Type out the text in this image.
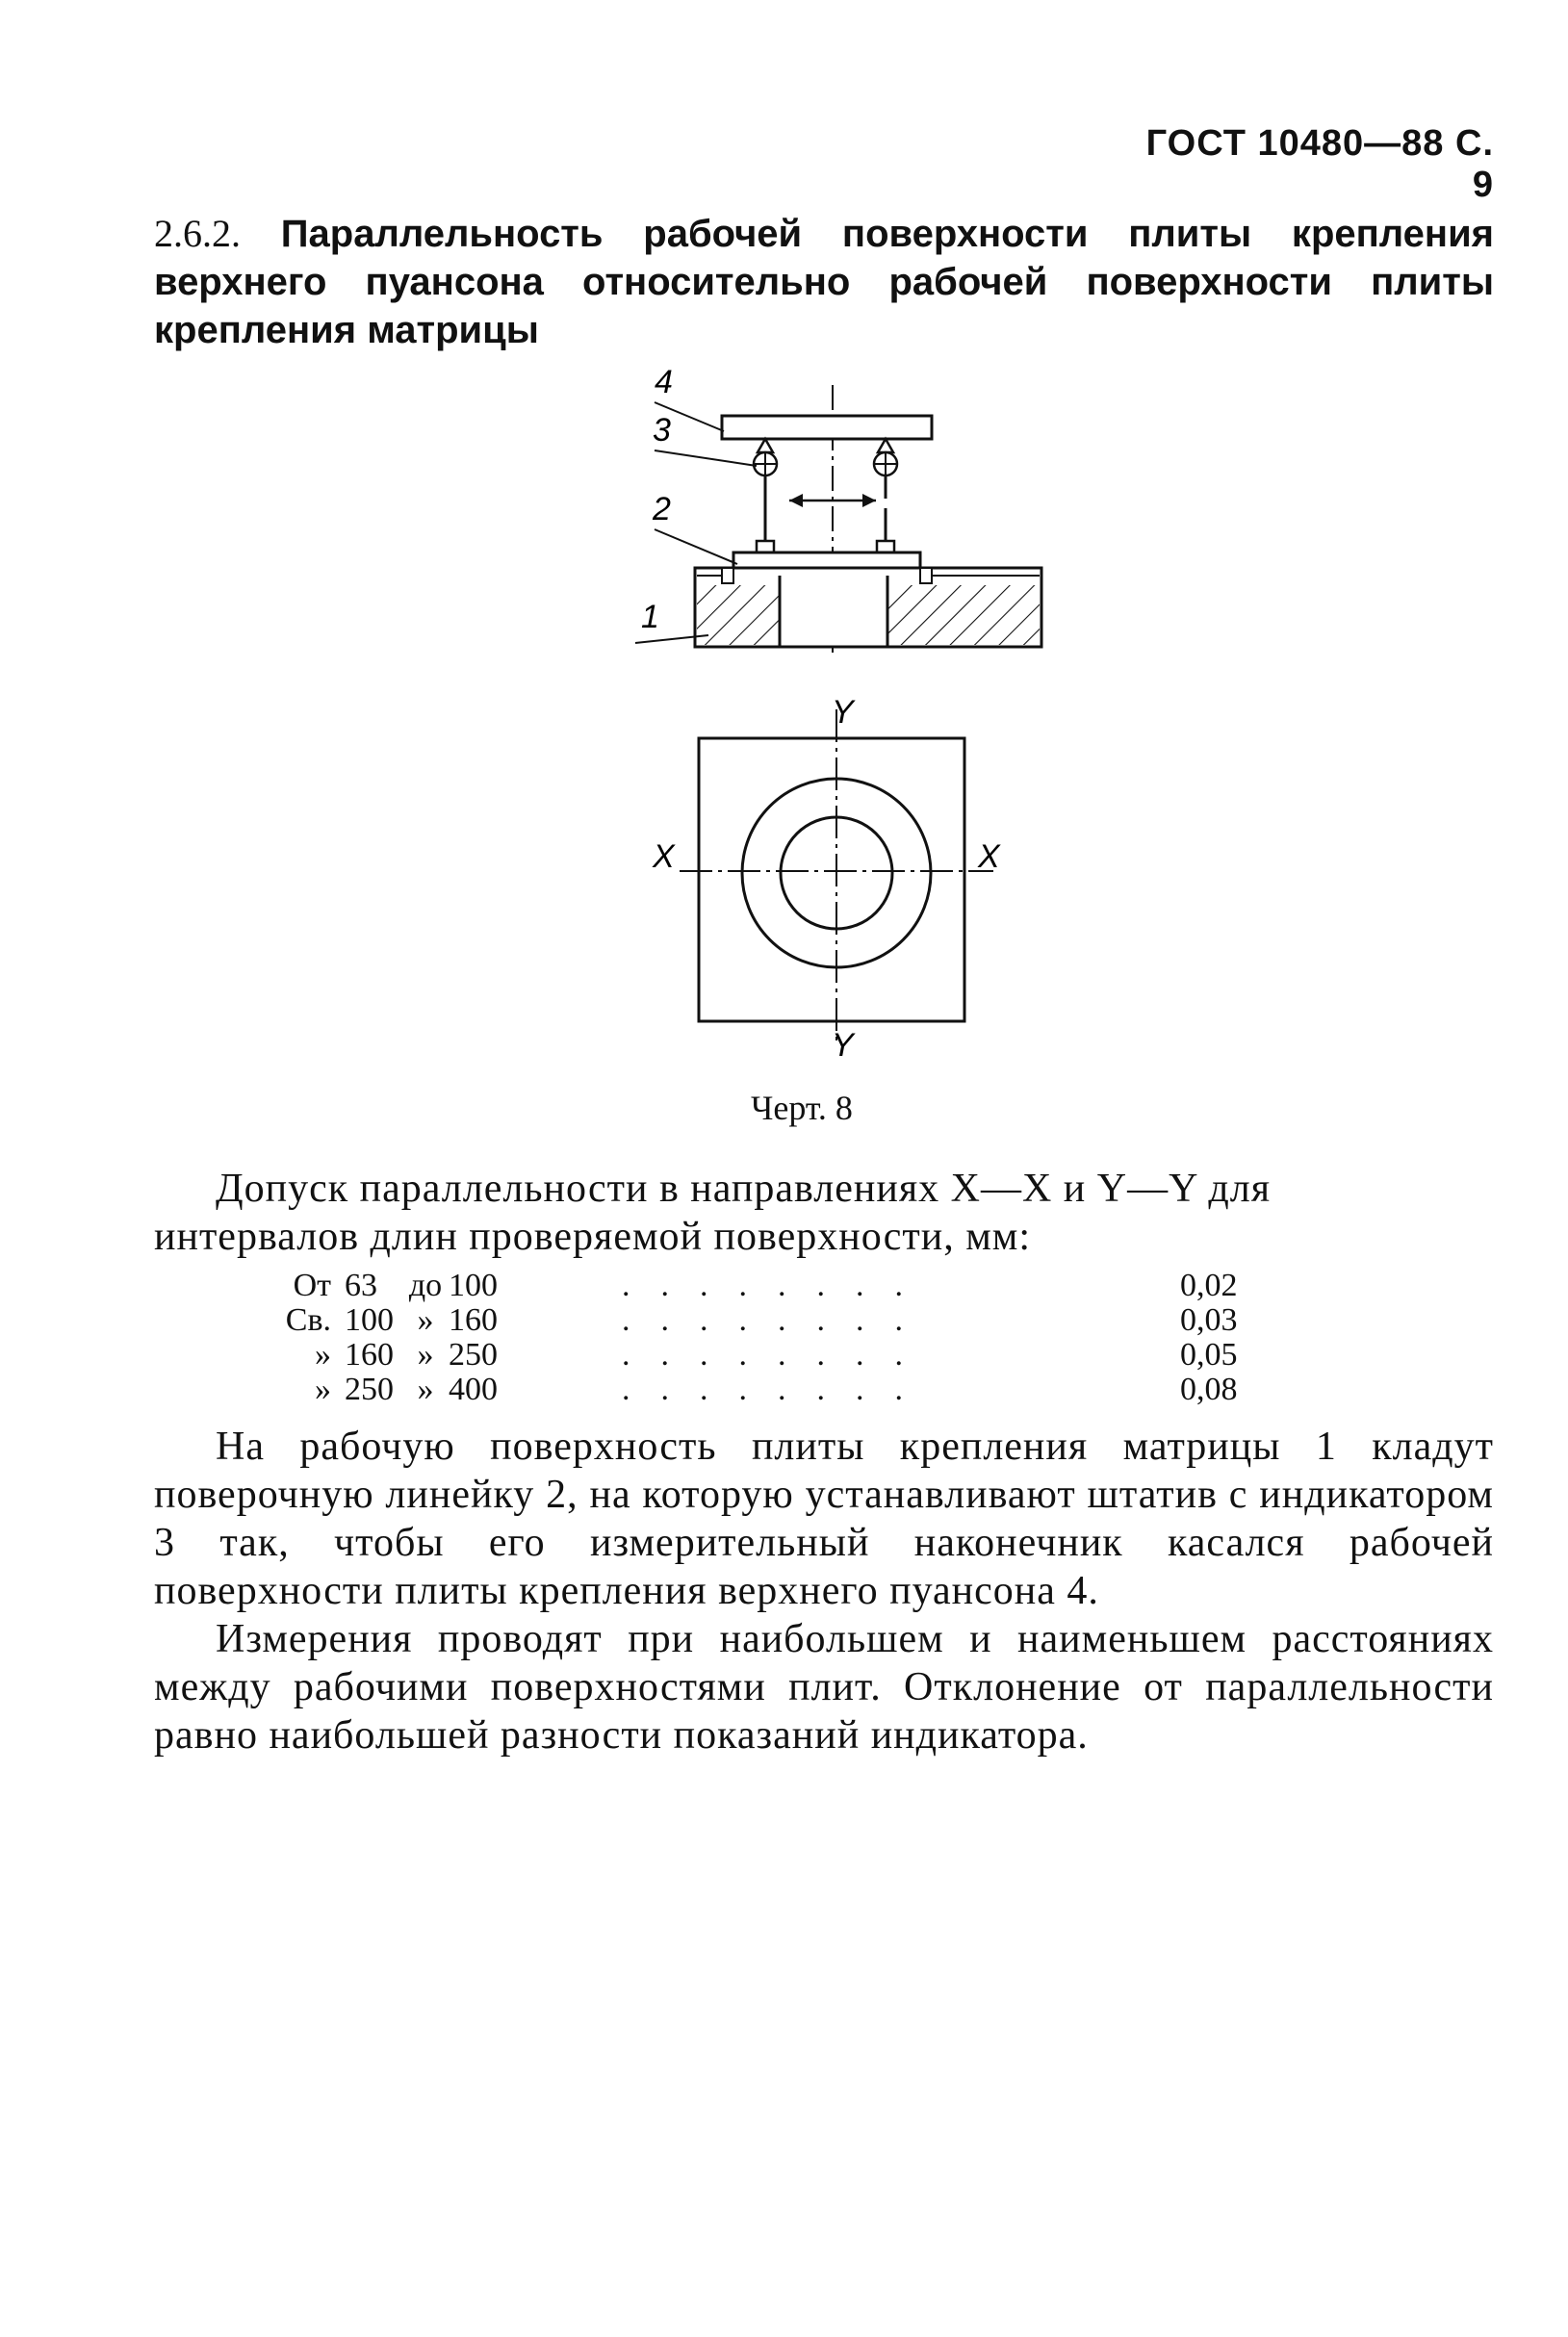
ГОСТ 10480—88 С. 9
2.6.2. Параллельность рабочей поверхности плиты крепления верхнего пуансона относительно рабочей поверхности плиты крепления матрицы
4
3
2
1
Y
Y
X	X
Черт. 8
Допуск параллельности в направлениях X—X и Y—Y для
интервалов длин проверяемой поверхности, мм:
От	63	до	100	........	0,02
Св.	100	»	160	........	0,03
»	160	»	250	........	0,05
»	250	»	400	........	0,08
На рабочую поверхность плиты крепления матрицы 1 кладут поверочную линейку 2, на которую устанавливают штатив с индикатором 3 так, чтобы его измерительный наконечник касался рабочей поверхности плиты крепления верхнего пуансона 4.
Измерения проводят при наибольшем и наименьшем расстояниях между рабочими поверхностями плит. Отклонение от параллельности равно наибольшей разности показаний индикатора.
